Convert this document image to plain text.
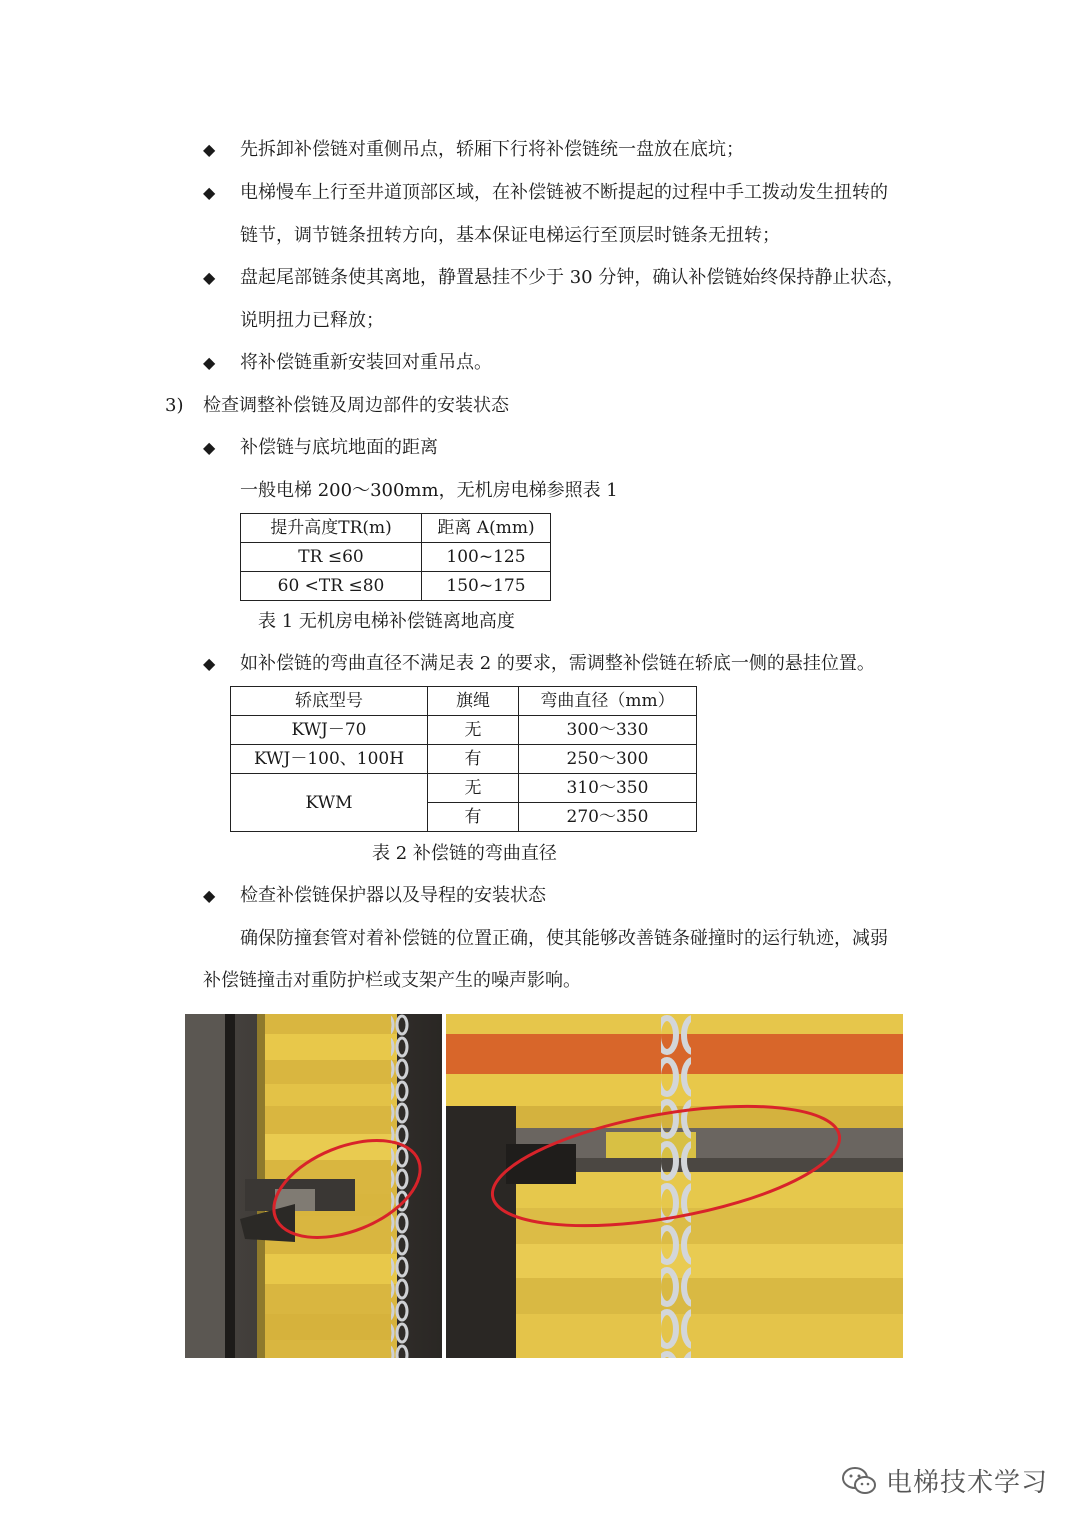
◆ 先拆卸补偿链对重侧吊点，轿厢下行将补偿链统一盘放在底坑；
◆ 电梯慢车上行至井道顶部区域，在补偿链被不断提起的过程中手工拨动发生扭转的
链节，调节链条扭转方向，基本保证电梯运行至顶层时链条无扭转；
◆ 盘起尾部链条使其离地，静置悬挂不少于 30 分钟，确认补偿链始终保持静止状态，
说明扭力已释放；
◆ 将补偿链重新安装回对重吊点。
3) 检查调整补偿链及周边部件的安装状态
◆ 补偿链与底坑地面的距离
一般电梯 200～300mm，无机房电梯参照表 1
提升高度TR(m)	距离 A(mm)
TR ≤60	100~125
60 <TR ≤80	150~175
表 1 无机房电梯补偿链离地高度
◆ 如补偿链的弯曲直径不满足表 2 的要求，需调整补偿链在轿底一侧的悬挂位置。
轿底型号	旗绳	弯曲直径（mm）
KWJ－70	无	300～330
KWJ－100、100H	有	250～300
KWM	无	310～350
	有	270～350
表 2 补偿链的弯曲直径
◆ 检查补偿链保护器以及导程的安装状态
确保防撞套管对着补偿链的位置正确，使其能够改善链条碰撞时的运行轨迹，减弱
补偿链撞击对重防护栏或支架产生的噪声影响。
电梯技术学习
